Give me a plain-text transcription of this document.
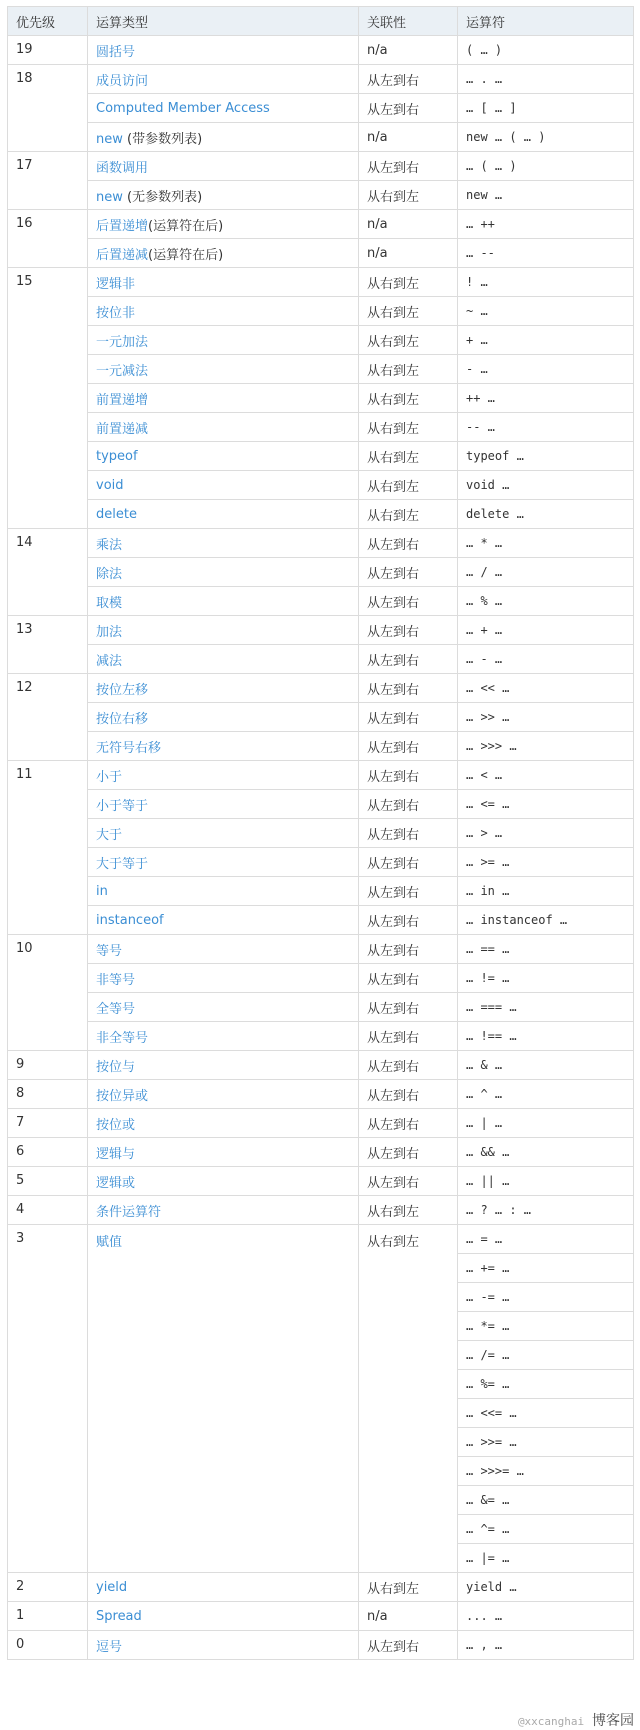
优先级	运算类型	关联性	运算符
19	圆括号	n/a	( … )
18	成员访问	从左到右	… . …
	Computed Member Access	从左到右	… [ … ]
	new (带参数列表)	n/a	new … ( … )
17	函数调用	从左到右	… ( … )
	new (无参数列表)	从右到左	new …
16	后置递增(运算符在后)	n/a	… ++
	后置递减(运算符在后)	n/a	… --
15	逻辑非	从右到左	! …
	按位非	从右到左	~ …
	一元加法	从右到左	+ …
	一元减法	从右到左	- …
	前置递增	从右到左	++ …
	前置递减	从右到左	-- …
	typeof	从右到左	typeof …
	void	从右到左	void …
	delete	从右到左	delete …
14	乘法	从左到右	… * …
	除法	从左到右	… / …
	取模	从左到右	… % …
13	加法	从左到右	… + …
	减法	从左到右	… - …
12	按位左移	从左到右	… << …
	按位右移	从左到右	… >> …
	无符号右移	从左到右	… >>> …
11	小于	从左到右	… < …
	小于等于	从左到右	… <= …
	大于	从左到右	… > …
	大于等于	从左到右	… >= …
	in	从左到右	… in …
	instanceof	从左到右	… instanceof …
10	等号	从左到右	… == …
	非等号	从左到右	… != …
	全等号	从左到右	… === …
	非全等号	从左到右	… !== …
9	按位与	从左到右	… & …
8	按位异或	从左到右	… ^ …
7	按位或	从左到右	… | …
6	逻辑与	从左到右	… && …
5	逻辑或	从左到右	… || …
4	条件运算符	从右到左	… ? … : …
3	赋值	从右到左	… = …
			… += …
			… -= …
			… *= …
			… /= …
			… %= …
			… <<= …
			… >>= …
			… >>>= …
			… &= …
			… ^= …
			… |= …
2	yield	从右到左	yield …
1	Spread	n/a	... …
0	逗号	从左到右	… , …
@xxcanghai 博客园
